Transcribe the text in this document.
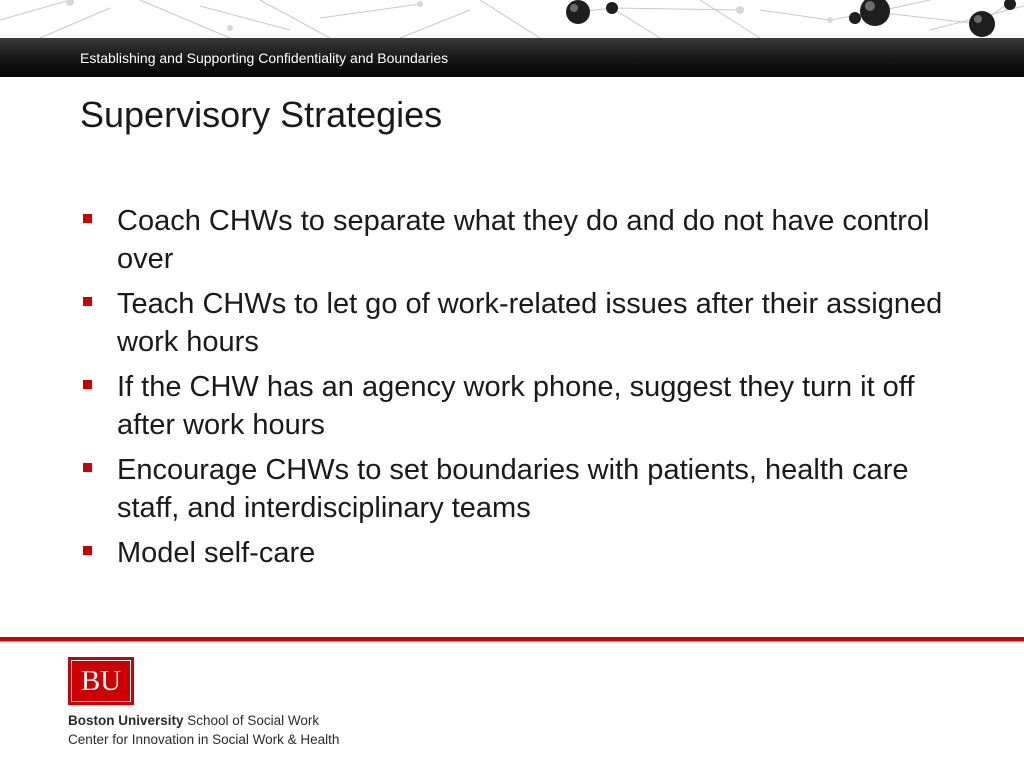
Establishing and Supporting Confidentiality and Boundaries
Supervisory Strategies
Coach CHWs to separate what they do and do not have control over
Teach CHWs to let go of work-related issues after their assigned work hours
If the CHW has an agency work phone, suggest they turn it off after work hours
Encourage CHWs to set boundaries with patients, health care staff, and interdisciplinary teams
Model self-care
BU
Boston University School of Social Work
Center for Innovation in Social Work & Health
